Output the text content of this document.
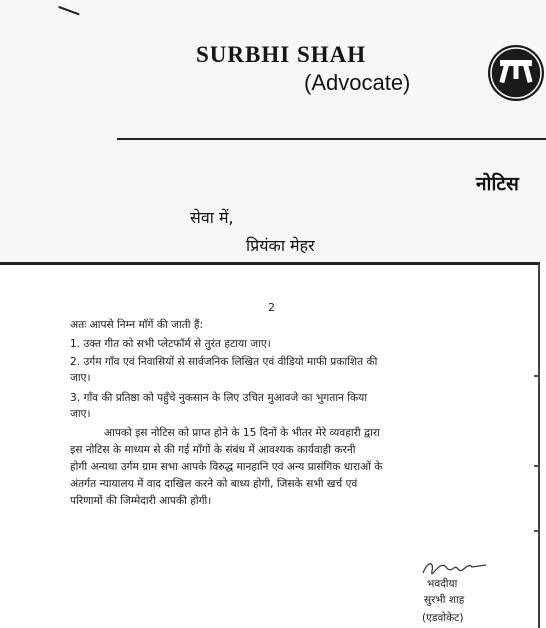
SURBHI SHAH
(Advocate)
नोटिस
सेवा में,
प्रियंका मेहर
2
अतः आपसे निम्न माँगें की जाती हैं:
1. उक्त गीत को सभी प्लेटफॉर्म से तुरंत हटाया जाए।
2. उर्गम गाँव एवं निवासियों से सार्वजनिक लिखित एवं वीडियो माफी प्रकाशित की
जाए।
3. गाँव की प्रतिष्ठा को पहुँचे नुकसान के लिए उचित मुआवजे का भुगतान किया
जाए।
आपको इस नोटिस को प्राप्त होने के 15 दिनों के भीतर मेरे व्यवहारी द्वारा
इस नोटिस के माध्यम से की गई माँगों के संबंध में आवश्यक कार्यवाही करनी
होगी अन्यथा उर्गम ग्राम सभा आपके विरुद्ध मानहानि एवं अन्य प्रासंगिक धाराओं के
अंतर्गत न्यायालय में वाद दाखिल करने को बाध्य होगी, जिसके सभी खर्च एवं
परिणामों की जिम्मेदारी आपकी होगी।
भवदीया
सुरभी शाह
(एडवोकेट)
